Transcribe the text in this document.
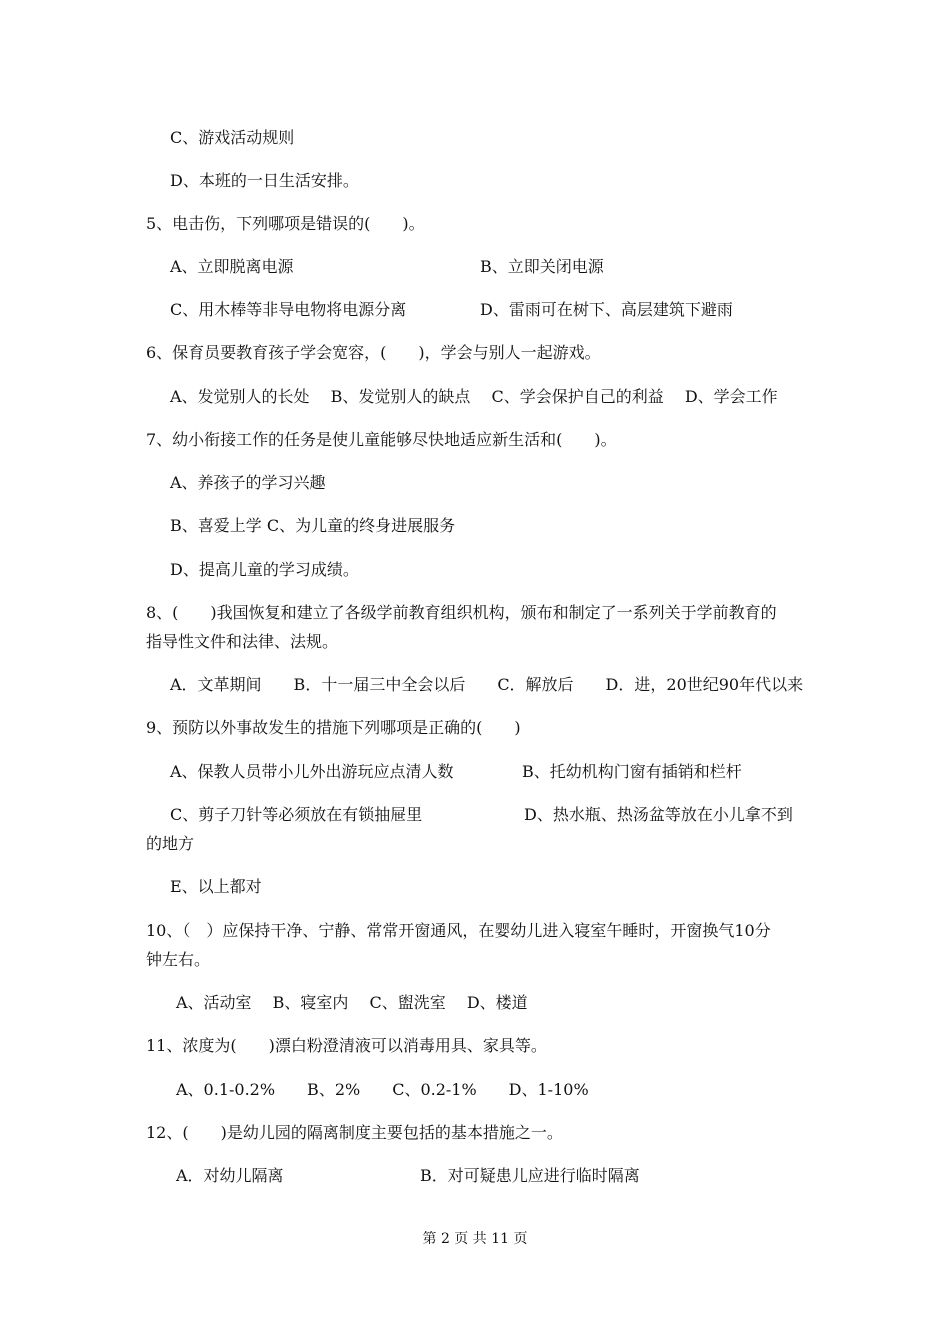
C、游戏活动规则
D、本班的一日生活安排。
5、电击伤，下列哪项是错误的(　　)。
A、立即脱离电源	B、立即关闭电源
C、用木棒等非导电物将电源分离	D、雷雨可在树下、高层建筑下避雨
6、保育员要教育孩子学会宽容，(　　)，学会与别人一起游戏。
A、发觉别人的长处　 B、发觉别人的缺点　 C、学会保护自己的利益　 D、学会工作
7、幼小衔接工作的任务是使儿童能够尽快地适应新生活和(　　)。
A、养孩子的学习兴趣
B、喜爱上学 C、为儿童的终身进展服务
D、提高儿童的学习成绩。
8、(　　)我国恢复和建立了各级学前教育组织机构，颁布和制定了一系列关于学前教育的
指导性文件和法律、法规。
A．文革期间　　B．十一届三中全会以后　　C．解放后　　D．进，20世纪90年代以来
9、预防以外事故发生的措施下列哪项是正确的(　　)
A、保教人员带小儿外出游玩应点清人数	B、托幼机构门窗有插销和栏杆
C、剪子刀针等必须放在有锁抽屉里	D、热水瓶、热汤盆等放在小儿拿不到
的地方
E、以上都对
10、（　）应保持干净、宁静、常常开窗通风，在婴幼儿进入寝室午睡时，开窗换气10分
钟左右。
A、活动室　 B、寝室内　 C、盥洗室　 D、楼道
11、浓度为(　　)漂白粉澄清液可以消毒用具、家具等。
A、0.1-0.2%　　B、2%　　C、0.2-1%　　D、1-10%
12、(　　)是幼儿园的隔离制度主要包括的基本措施之一。
A．对幼儿隔离	B．对可疑患儿应进行临时隔离
第 2 页 共 11 页
